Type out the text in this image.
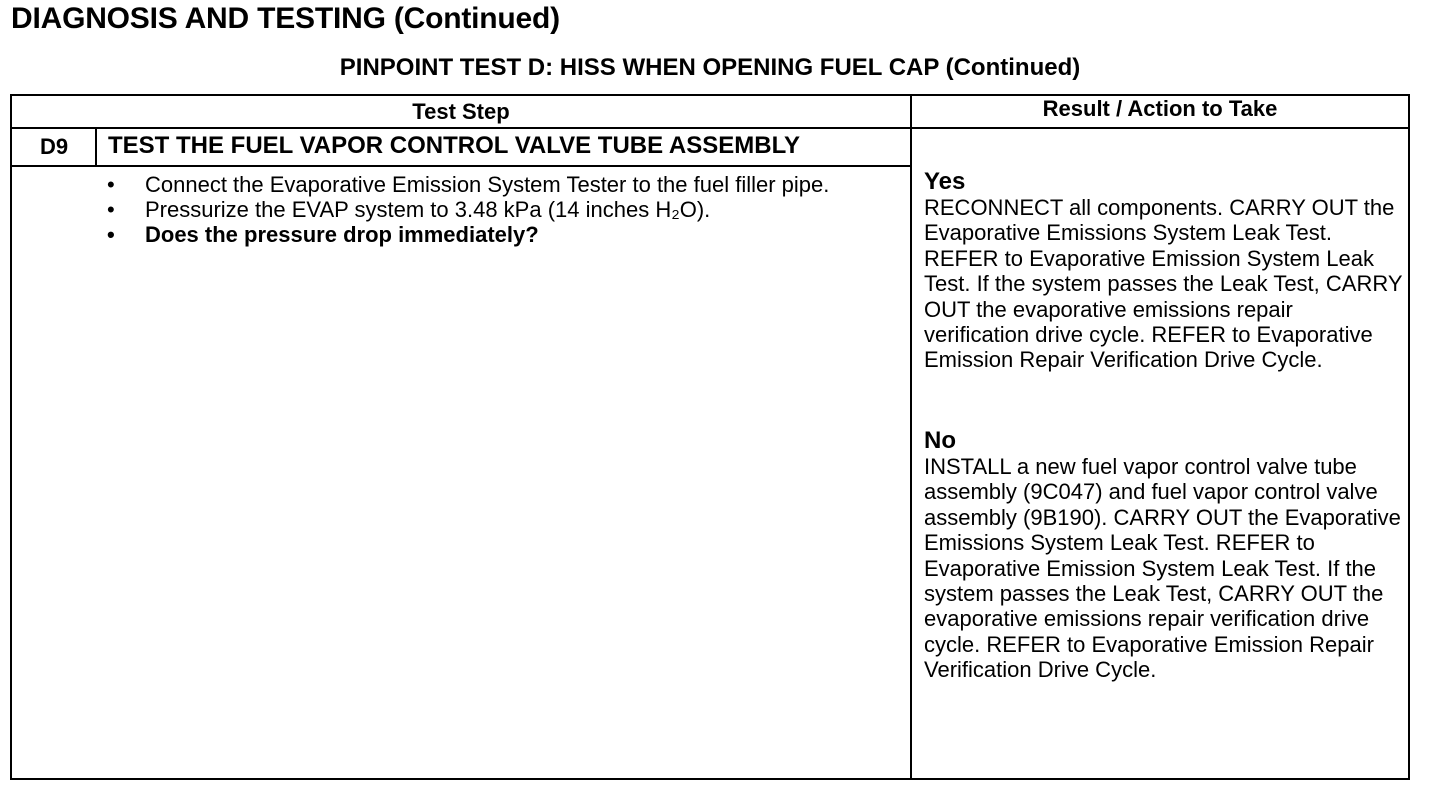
DIAGNOSIS AND TESTING (Continued)
PINPOINT TEST D: HISS WHEN OPENING FUEL CAP (Continued)
Test Step	Result / Action to Take
D9	TEST THE FUEL VAPOR CONTROL VALVE TUBE ASSEMBLY
• Connect the Evaporative Emission System Tester to the fuel filler pipe.
• Pressurize the EVAP system to 3.48 kPa (14 inches H₂O).
• Does the pressure drop immediately?
Yes
RECONNECT all components. CARRY OUT the Evaporative Emissions System Leak Test. REFER to Evaporative Emission System Leak Test. If the system passes the Leak Test, CARRY OUT the evaporative emissions repair verification drive cycle. REFER to Evaporative Emission Repair Verification Drive Cycle.
No
INSTALL a new fuel vapor control valve tube assembly (9C047) and fuel vapor control valve assembly (9B190). CARRY OUT the Evaporative Emissions System Leak Test. REFER to Evaporative Emission System Leak Test. If the system passes the Leak Test, CARRY OUT the evaporative emissions repair verification drive cycle. REFER to Evaporative Emission Repair Verification Drive Cycle.
